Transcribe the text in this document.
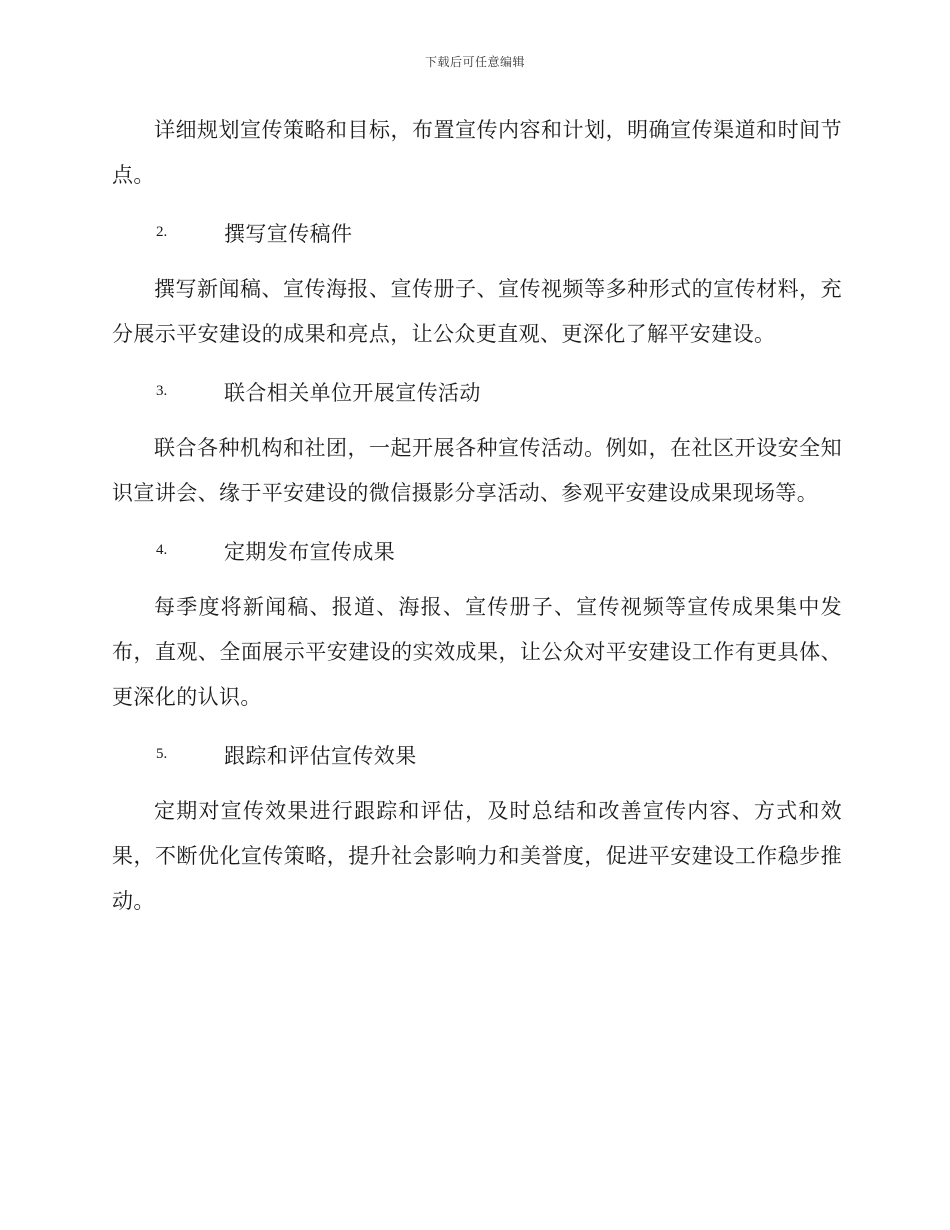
下载后可任意编辑

详细规划宣传策略和目标，布置宣传内容和计划，明确宣传渠道和时间节点。

2.	撰写宣传稿件

撰写新闻稿、宣传海报、宣传册子、宣传视频等多种形式的宣传材料，充分展示平安建设的成果和亮点，让公众更直观、更深化了解平安建设。

3.	联合相关单位开展宣传活动

联合各种机构和社团，一起开展各种宣传活动。例如，在社区开设安全知识宣讲会、缘于平安建设的微信摄影分享活动、参观平安建设成果现场等。

4.	定期发布宣传成果

每季度将新闻稿、报道、海报、宣传册子、宣传视频等宣传成果集中发布，直观、全面展示平安建设的实效成果，让公众对平安建设工作有更具体、更深化的认识。

5.	跟踪和评估宣传效果

定期对宣传效果进行跟踪和评估，及时总结和改善宣传内容、方式和效果，不断优化宣传策略，提升社会影响力和美誉度，促进平安建设工作稳步推动。
